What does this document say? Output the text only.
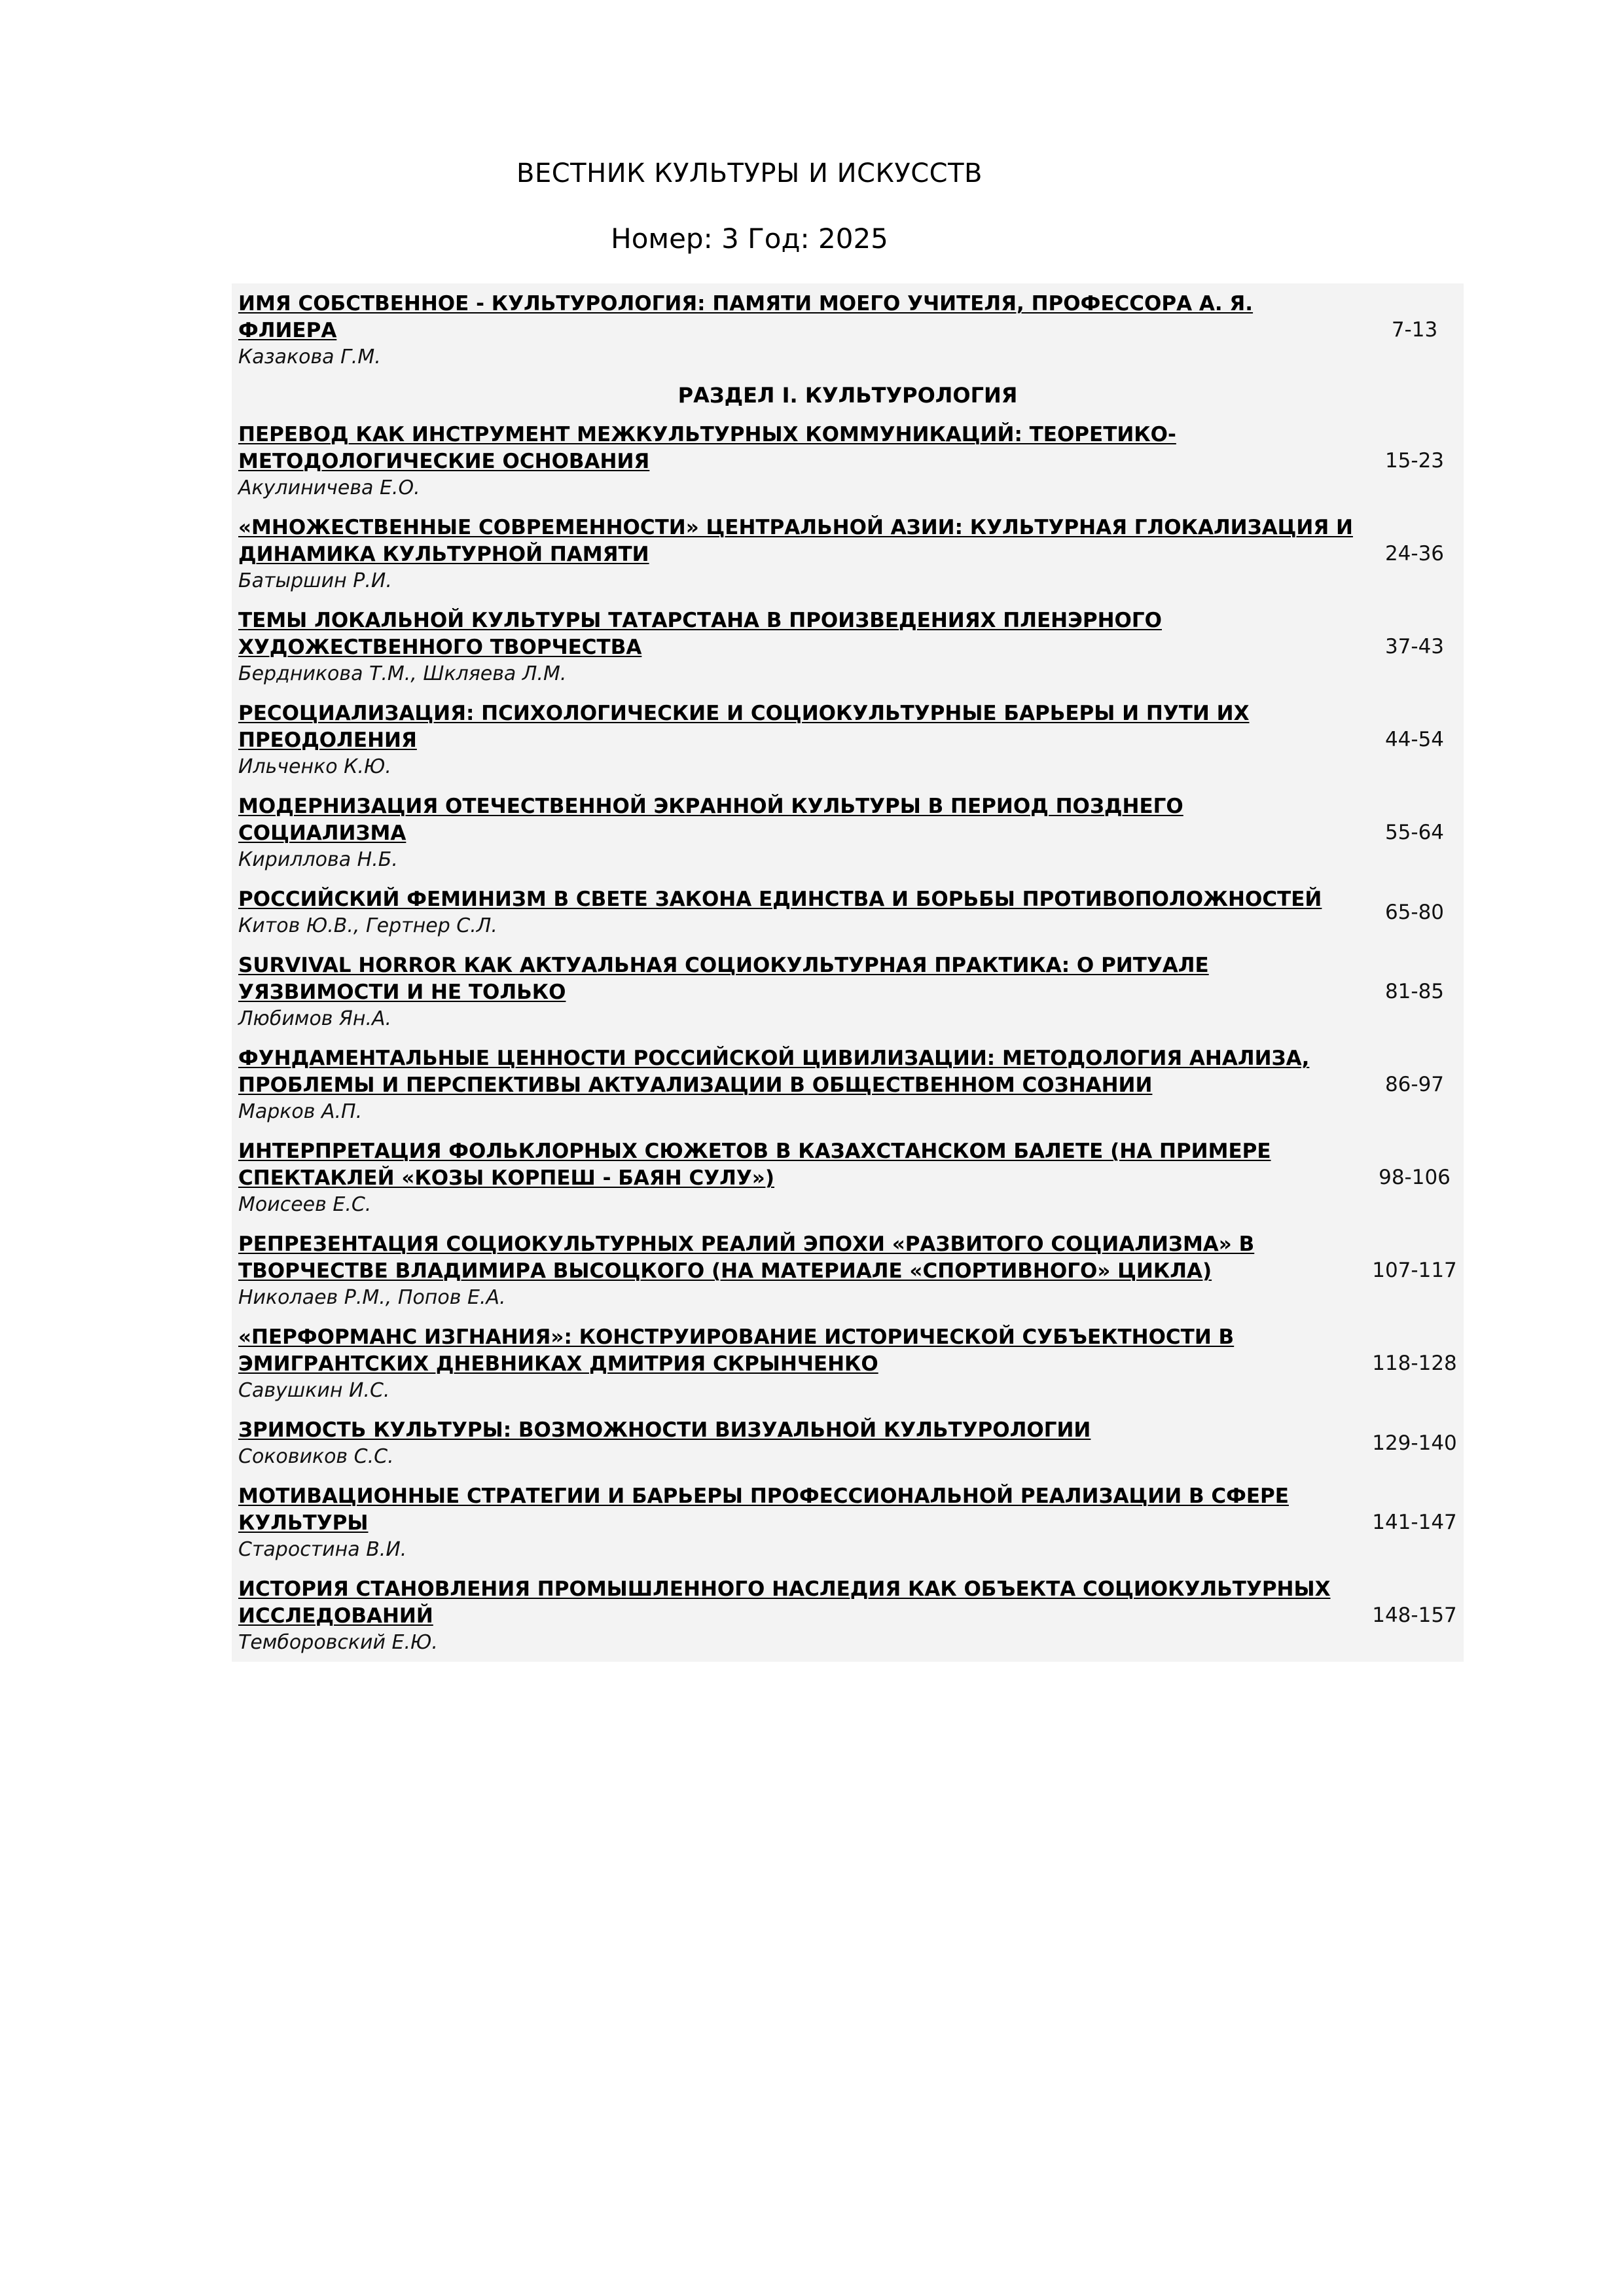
ВЕСТНИК КУЛЬТУРЫ И ИСКУССТВ
Номер: 3 Год: 2025
ИМЯ СОБСТВЕННОЕ - КУЛЬТУРОЛОГИЯ: ПАМЯТИ МОЕГО УЧИТЕЛЯ, ПРОФЕССОРА А. Я. ФЛИЕРА
Казакова Г.М.	7-13
РАЗДЕЛ I. КУЛЬТУРОЛОГИЯ	

ПЕРЕВОД КАК ИНСТРУМЕНТ МЕЖКУЛЬТУРНЫХ КОММУНИКАЦИЙ: ТЕОРЕТИКО-МЕТОДОЛОГИЧЕСКИЕ ОСНОВАНИЯ
Акулиничева Е.О.	15-23

«МНОЖЕСТВЕННЫЕ СОВРЕМЕННОСТИ» ЦЕНТРАЛЬНОЙ АЗИИ: КУЛЬТУРНАЯ ГЛОКАЛИЗАЦИЯ И ДИНАМИКА КУЛЬТУРНОЙ ПАМЯТИ
Батыршин Р.И.	24-36

ТЕМЫ ЛОКАЛЬНОЙ КУЛЬТУРЫ ТАТАРСТАНА В ПРОИЗВЕДЕНИЯХ ПЛЕНЭРНОГО ХУДОЖЕСТВЕННОГО ТВОРЧЕСТВА
Бердникова Т.М., Шкляева Л.М.	37-43

РЕСОЦИАЛИЗАЦИЯ: ПСИХОЛОГИЧЕСКИЕ И СОЦИОКУЛЬТУРНЫЕ БАРЬЕРЫ И ПУТИ ИХ ПРЕОДОЛЕНИЯ
Ильченко К.Ю.	44-54

МОДЕРНИЗАЦИЯ ОТЕЧЕСТВЕННОЙ ЭКРАННОЙ КУЛЬТУРЫ В ПЕРИОД ПОЗДНЕГО СОЦИАЛИЗМА
Кириллова Н.Б.	55-64

РОССИЙСКИЙ ФЕМИНИЗМ В СВЕТЕ ЗАКОНА ЕДИНСТВА И БОРЬБЫ ПРОТИВОПОЛОЖНОСТЕЙ
Китов Ю.В., Гертнер С.Л.	65-80

SURVIVAL HORROR КАК АКТУАЛЬНАЯ СОЦИОКУЛЬТУРНАЯ ПРАКТИКА: О РИТУАЛЕ УЯЗВИМОСТИ И НЕ ТОЛЬКО
Любимов Ян.А.	81-85

ФУНДАМЕНТАЛЬНЫЕ ЦЕННОСТИ РОССИЙСКОЙ ЦИВИЛИЗАЦИИ: МЕТОДОЛОГИЯ АНАЛИЗА, ПРОБЛЕМЫ И ПЕРСПЕКТИВЫ АКТУАЛИЗАЦИИ В ОБЩЕСТВЕННОМ СОЗНАНИИ
Марков А.П.	86-97

ИНТЕРПРЕТАЦИЯ ФОЛЬКЛОРНЫХ СЮЖЕТОВ В КАЗАХСТАНСКОМ БАЛЕТЕ (НА ПРИМЕРЕ СПЕКТАКЛЕЙ «КОЗЫ КОРПЕШ - БАЯН СУЛУ»)
Моисеев Е.С.	98-106

РЕПРЕЗЕНТАЦИЯ СОЦИОКУЛЬТУРНЫХ РЕАЛИЙ ЭПОХИ «РАЗВИТОГО СОЦИАЛИЗМА» В ТВОРЧЕСТВЕ ВЛАДИМИРА ВЫСОЦКОГО (НА МАТЕРИАЛЕ «СПОРТИВНОГО» ЦИКЛА)
Николаев Р.М., Попов Е.А.	107-117

«ПЕРФОРМАНС ИЗГНАНИЯ»: КОНСТРУИРОВАНИЕ ИСТОРИЧЕСКОЙ СУБЪЕКТНОСТИ В ЭМИГРАНТСКИХ ДНЕВНИКАХ ДМИТРИЯ СКРЫНЧЕНКО
Савушкин И.С.	118-128

ЗРИМОСТЬ КУЛЬТУРЫ: ВОЗМОЖНОСТИ ВИЗУАЛЬНОЙ КУЛЬТУРОЛОГИИ
Соковиков С.С.	129-140

МОТИВАЦИОННЫЕ СТРАТЕГИИ И БАРЬЕРЫ ПРОФЕССИОНАЛЬНОЙ РЕАЛИЗАЦИИ В СФЕРЕ КУЛЬТУРЫ
Старостина В.И.	141-147

ИСТОРИЯ СТАНОВЛЕНИЯ ПРОМЫШЛЕННОГО НАСЛЕДИЯ КАК ОБЪЕКТА СОЦИОКУЛЬТУРНЫХ ИССЛЕДОВАНИЙ
Темборовский Е.Ю.	148-157
